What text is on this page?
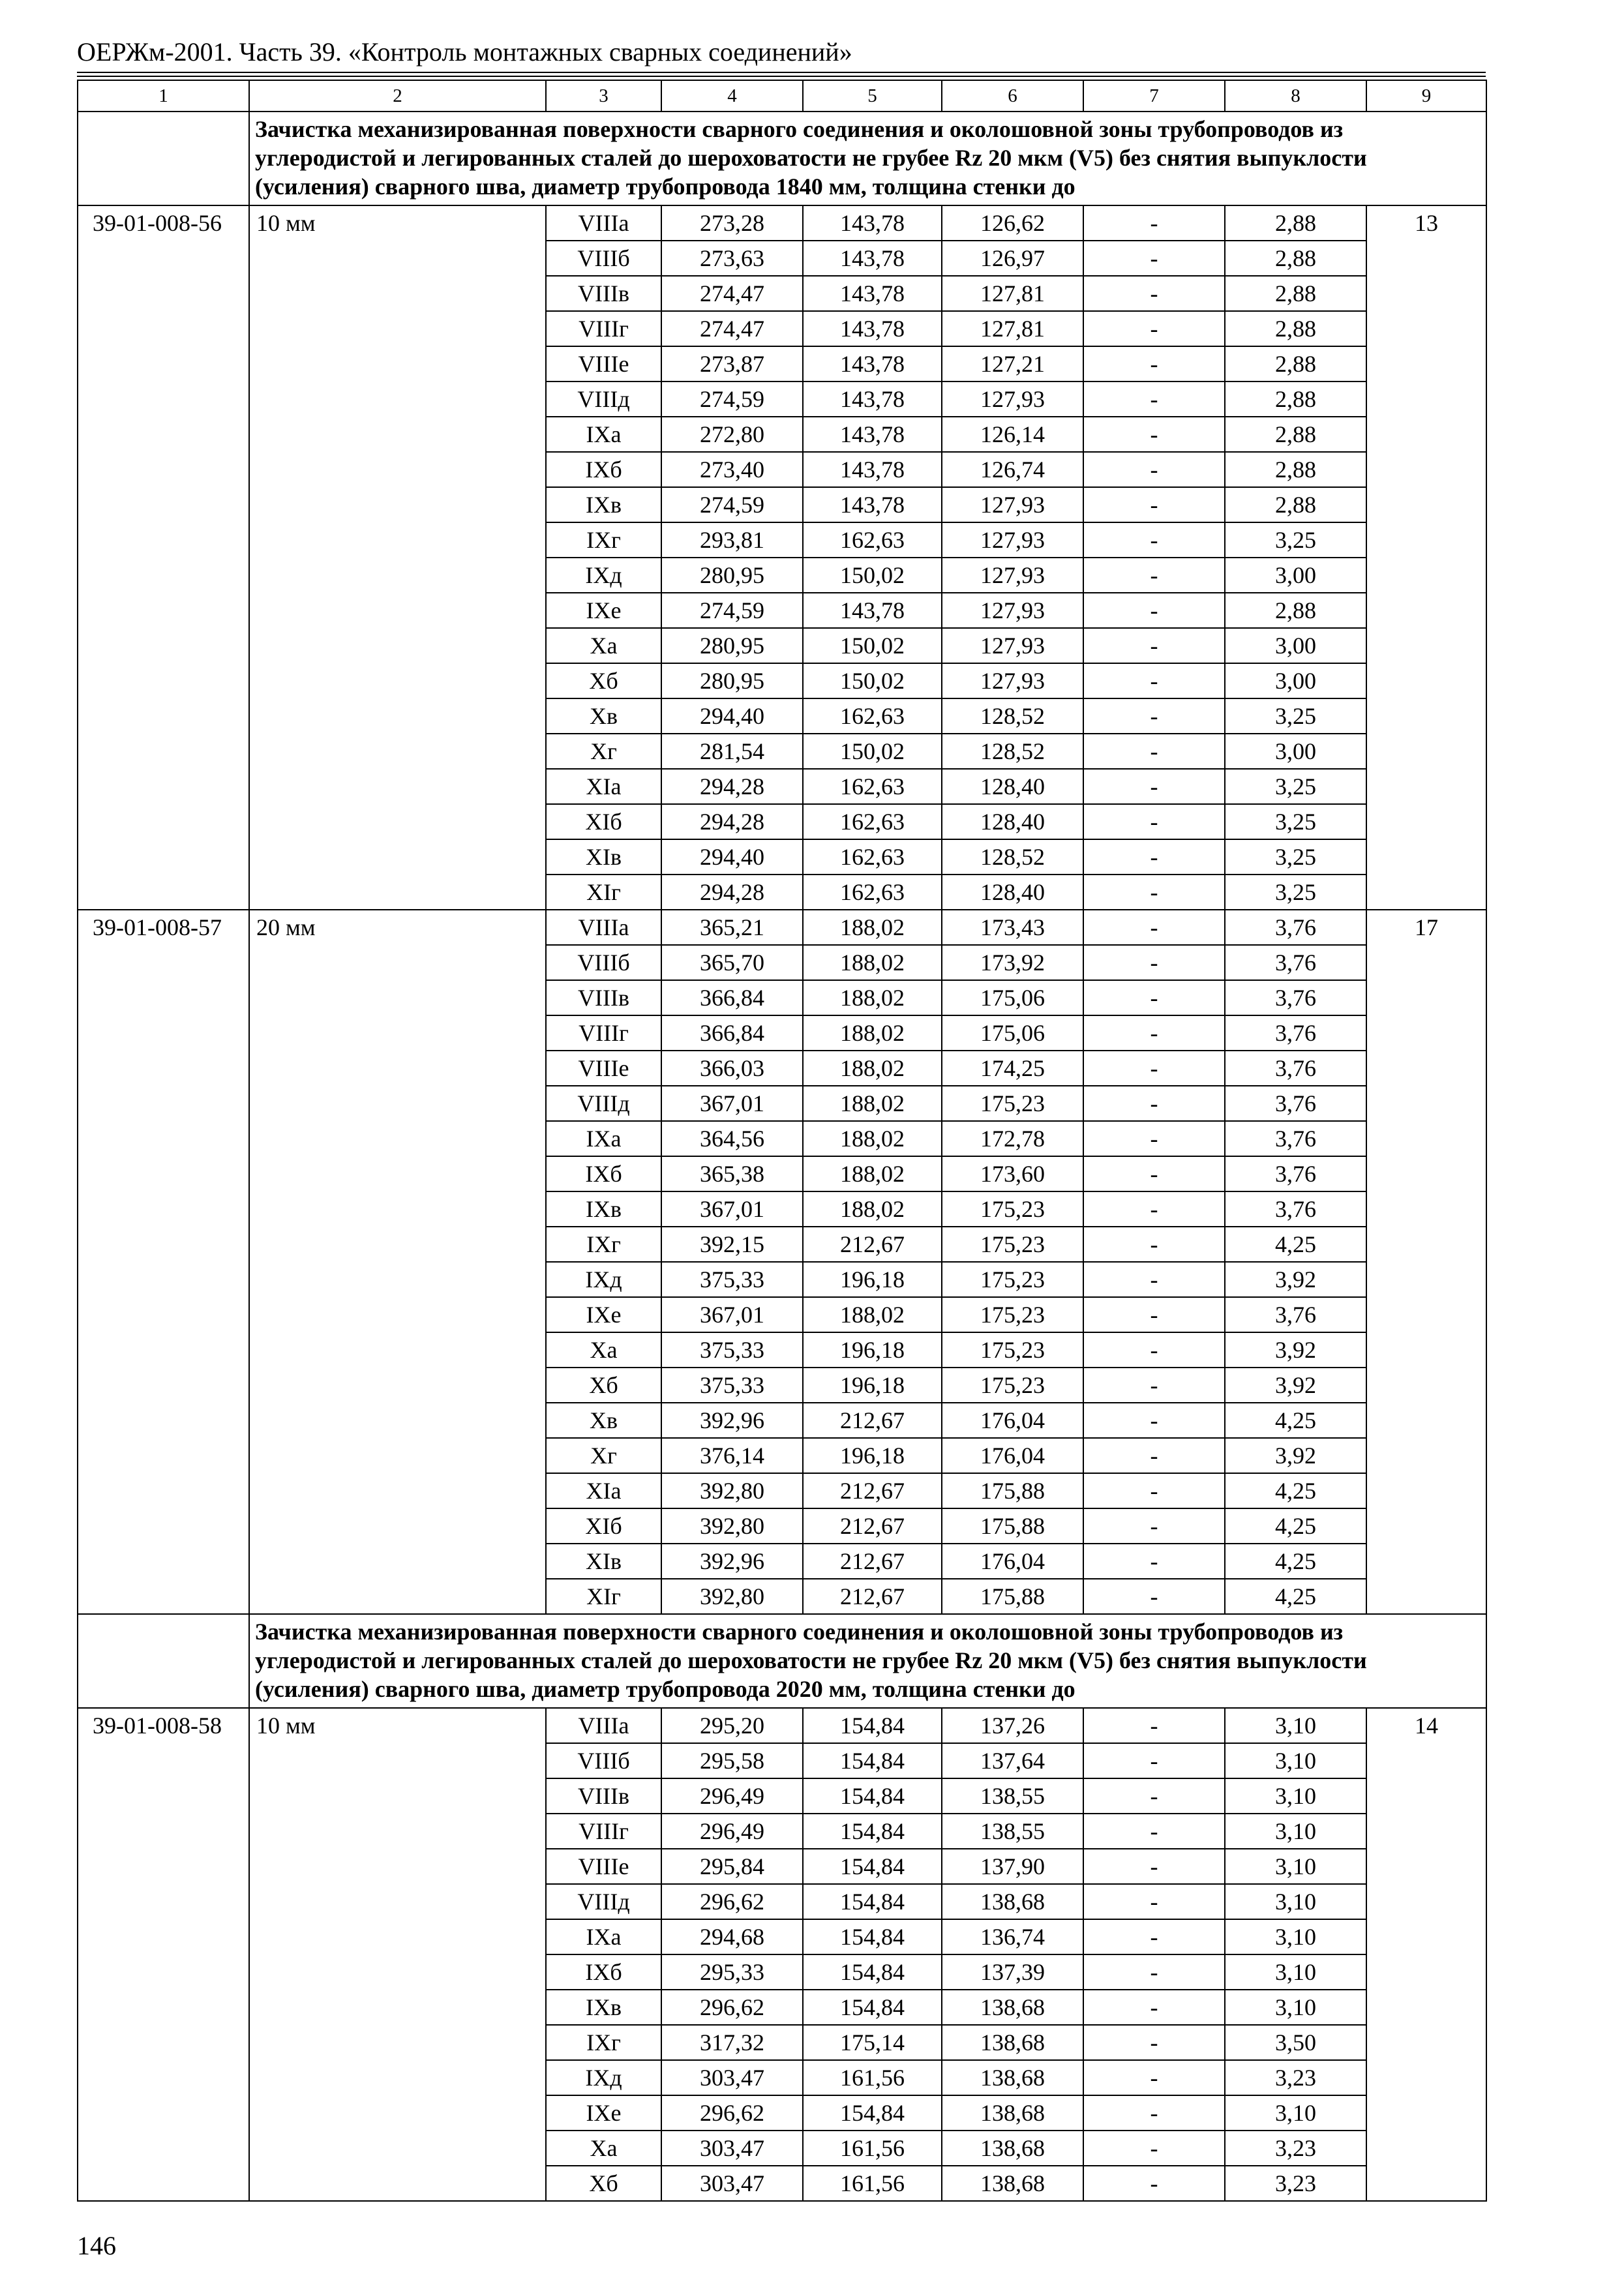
ОЕРЖм-2001. Часть 39. «Контроль монтажных сварных соединений»
1	2	3	4	5	6	7	8	9
	Зачистка механизированная поверхности сварного соединения и околошовной зоны трубопроводов из углеродистой и легированных сталей до шероховатости не грубее Rz 20 мкм (V5) без снятия выпуклости (усиления) сварного шва, диаметр трубопровода 1840 мм, толщина стенки до							
39-01-008-56	10 мм	VIIIа	273,28	143,78	126,62	-	2,88	13
		VIIIб	273,63	143,78	126,97	-	2,88	
		VIIIв	274,47	143,78	127,81	-	2,88	
		VIIIг	274,47	143,78	127,81	-	2,88	
		VIIIе	273,87	143,78	127,21	-	2,88	
		VIIIд	274,59	143,78	127,93	-	2,88	
		IXа	272,80	143,78	126,14	-	2,88	
		IXб	273,40	143,78	126,74	-	2,88	
		IXв	274,59	143,78	127,93	-	2,88	
		IXг	293,81	162,63	127,93	-	3,25	
		IXд	280,95	150,02	127,93	-	3,00	
		IXе	274,59	143,78	127,93	-	2,88	
		Xа	280,95	150,02	127,93	-	3,00	
		Xб	280,95	150,02	127,93	-	3,00	
		Xв	294,40	162,63	128,52	-	3,25	
		Xг	281,54	150,02	128,52	-	3,00	
		XIа	294,28	162,63	128,40	-	3,25	
		XIб	294,28	162,63	128,40	-	3,25	
		XIв	294,40	162,63	128,52	-	3,25	
		XIг	294,28	162,63	128,40	-	3,25	
39-01-008-57	20 мм	VIIIа	365,21	188,02	173,43	-	3,76	17
		VIIIб	365,70	188,02	173,92	-	3,76	
		VIIIв	366,84	188,02	175,06	-	3,76	
		VIIIг	366,84	188,02	175,06	-	3,76	
		VIIIе	366,03	188,02	174,25	-	3,76	
		VIIIд	367,01	188,02	175,23	-	3,76	
		IXа	364,56	188,02	172,78	-	3,76	
		IXб	365,38	188,02	173,60	-	3,76	
		IXв	367,01	188,02	175,23	-	3,76	
		IXг	392,15	212,67	175,23	-	4,25	
		IXд	375,33	196,18	175,23	-	3,92	
		IXе	367,01	188,02	175,23	-	3,76	
		Xа	375,33	196,18	175,23	-	3,92	
		Xб	375,33	196,18	175,23	-	3,92	
		Xв	392,96	212,67	176,04	-	4,25	
		Xг	376,14	196,18	176,04	-	3,92	
		XIа	392,80	212,67	175,88	-	4,25	
		XIб	392,80	212,67	175,88	-	4,25	
		XIв	392,96	212,67	176,04	-	4,25	
		XIг	392,80	212,67	175,88	-	4,25	
	Зачистка механизированная поверхности сварного соединения и околошовной зоны трубопроводов из углеродистой и легированных сталей до шероховатости не грубее Rz 20 мкм (V5) без снятия выпуклости (усиления) сварного шва, диаметр трубопровода 2020 мм, толщина стенки до							
39-01-008-58	10 мм	VIIIа	295,20	154,84	137,26	-	3,10	14
		VIIIб	295,58	154,84	137,64	-	3,10	
		VIIIв	296,49	154,84	138,55	-	3,10	
		VIIIг	296,49	154,84	138,55	-	3,10	
		VIIIе	295,84	154,84	137,90	-	3,10	
		VIIIд	296,62	154,84	138,68	-	3,10	
		IXа	294,68	154,84	136,74	-	3,10	
		IXб	295,33	154,84	137,39	-	3,10	
		IXв	296,62	154,84	138,68	-	3,10	
		IXг	317,32	175,14	138,68	-	3,50	
		IXд	303,47	161,56	138,68	-	3,23	
		IXе	296,62	154,84	138,68	-	3,10	
		Xа	303,47	161,56	138,68	-	3,23	
		Xб	303,47	161,56	138,68	-	3,23	
146
